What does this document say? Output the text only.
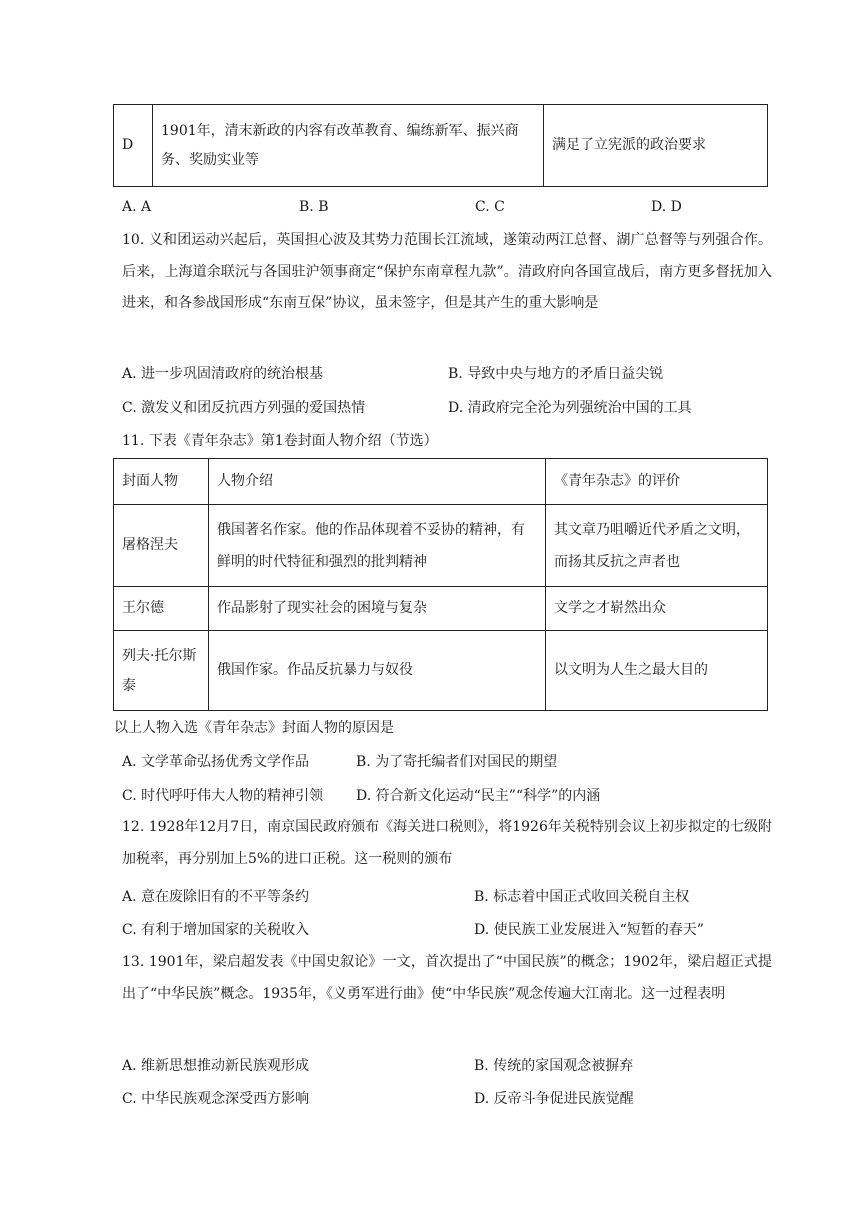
D	1901年，清末新政的内容有改革教育、编练新军、振兴商务、奖励实业等	满足了立宪派的政治要求
A. A	B. B	C. C	D. D
10. 义和团运动兴起后，英国担心波及其势力范围长江流域，遂策动两江总督、湖广总督等与列强合作。后来，上海道余联沅与各国驻沪领事商定“保护东南章程九款”。清政府向各国宣战后，南方更多督抚加入进来，和各参战国形成“东南互保”协议，虽未签字，但是其产生的重大影响是
A. 进一步巩固清政府的统治根基	B. 导致中央与地方的矛盾日益尖锐
C. 激发义和团反抗西方列强的爱国热情	D. 清政府完全沦为列强统治中国的工具
11. 下表《青年杂志》第1卷封面人物介绍（节选）
封面人物	人物介绍	《青年杂志》的评价
屠格涅夫	俄国著名作家。他的作品体现着不妥协的精神，有鲜明的时代特征和强烈的批判精神	其文章乃咀嚼近代矛盾之文明，而扬其反抗之声者也
王尔德	作品影射了现实社会的困境与复杂	文学之才崭然出众
列夫·托尔斯泰	俄国作家。作品反抗暴力与奴役	以文明为人生之最大目的
以上人物入选《青年杂志》封面人物的原因是
A. 文学革命弘扬优秀文学作品	B. 为了寄托编者们对国民的期望
C. 时代呼吁伟大人物的精神引领 D. 符合新文化运动“民主”“科学”的内涵
12. 1928年12月7日，南京国民政府颁布《海关进口税则》，将1926年关税特别会议上初步拟定的七级附加税率，再分别加上5%的进口正税。这一税则的颁布
A. 意在废除旧有的不平等条约	B. 标志着中国正式收回关税自主权
C. 有利于增加国家的关税收入	D. 使民族工业发展进入“短暂的春天”
13. 1901年，梁启超发表《中国史叙论》一文，首次提出了“中国民族”的概念；1902年，梁启超正式提出了“中华民族”概念。1935年，《义勇军进行曲》使“中华民族”观念传遍大江南北。这一过程表明
A. 维新思想推动新民族观形成	B. 传统的家国观念被摒弃
C. 中华民族观念深受西方影响	D. 反帝斗争促进民族觉醒
